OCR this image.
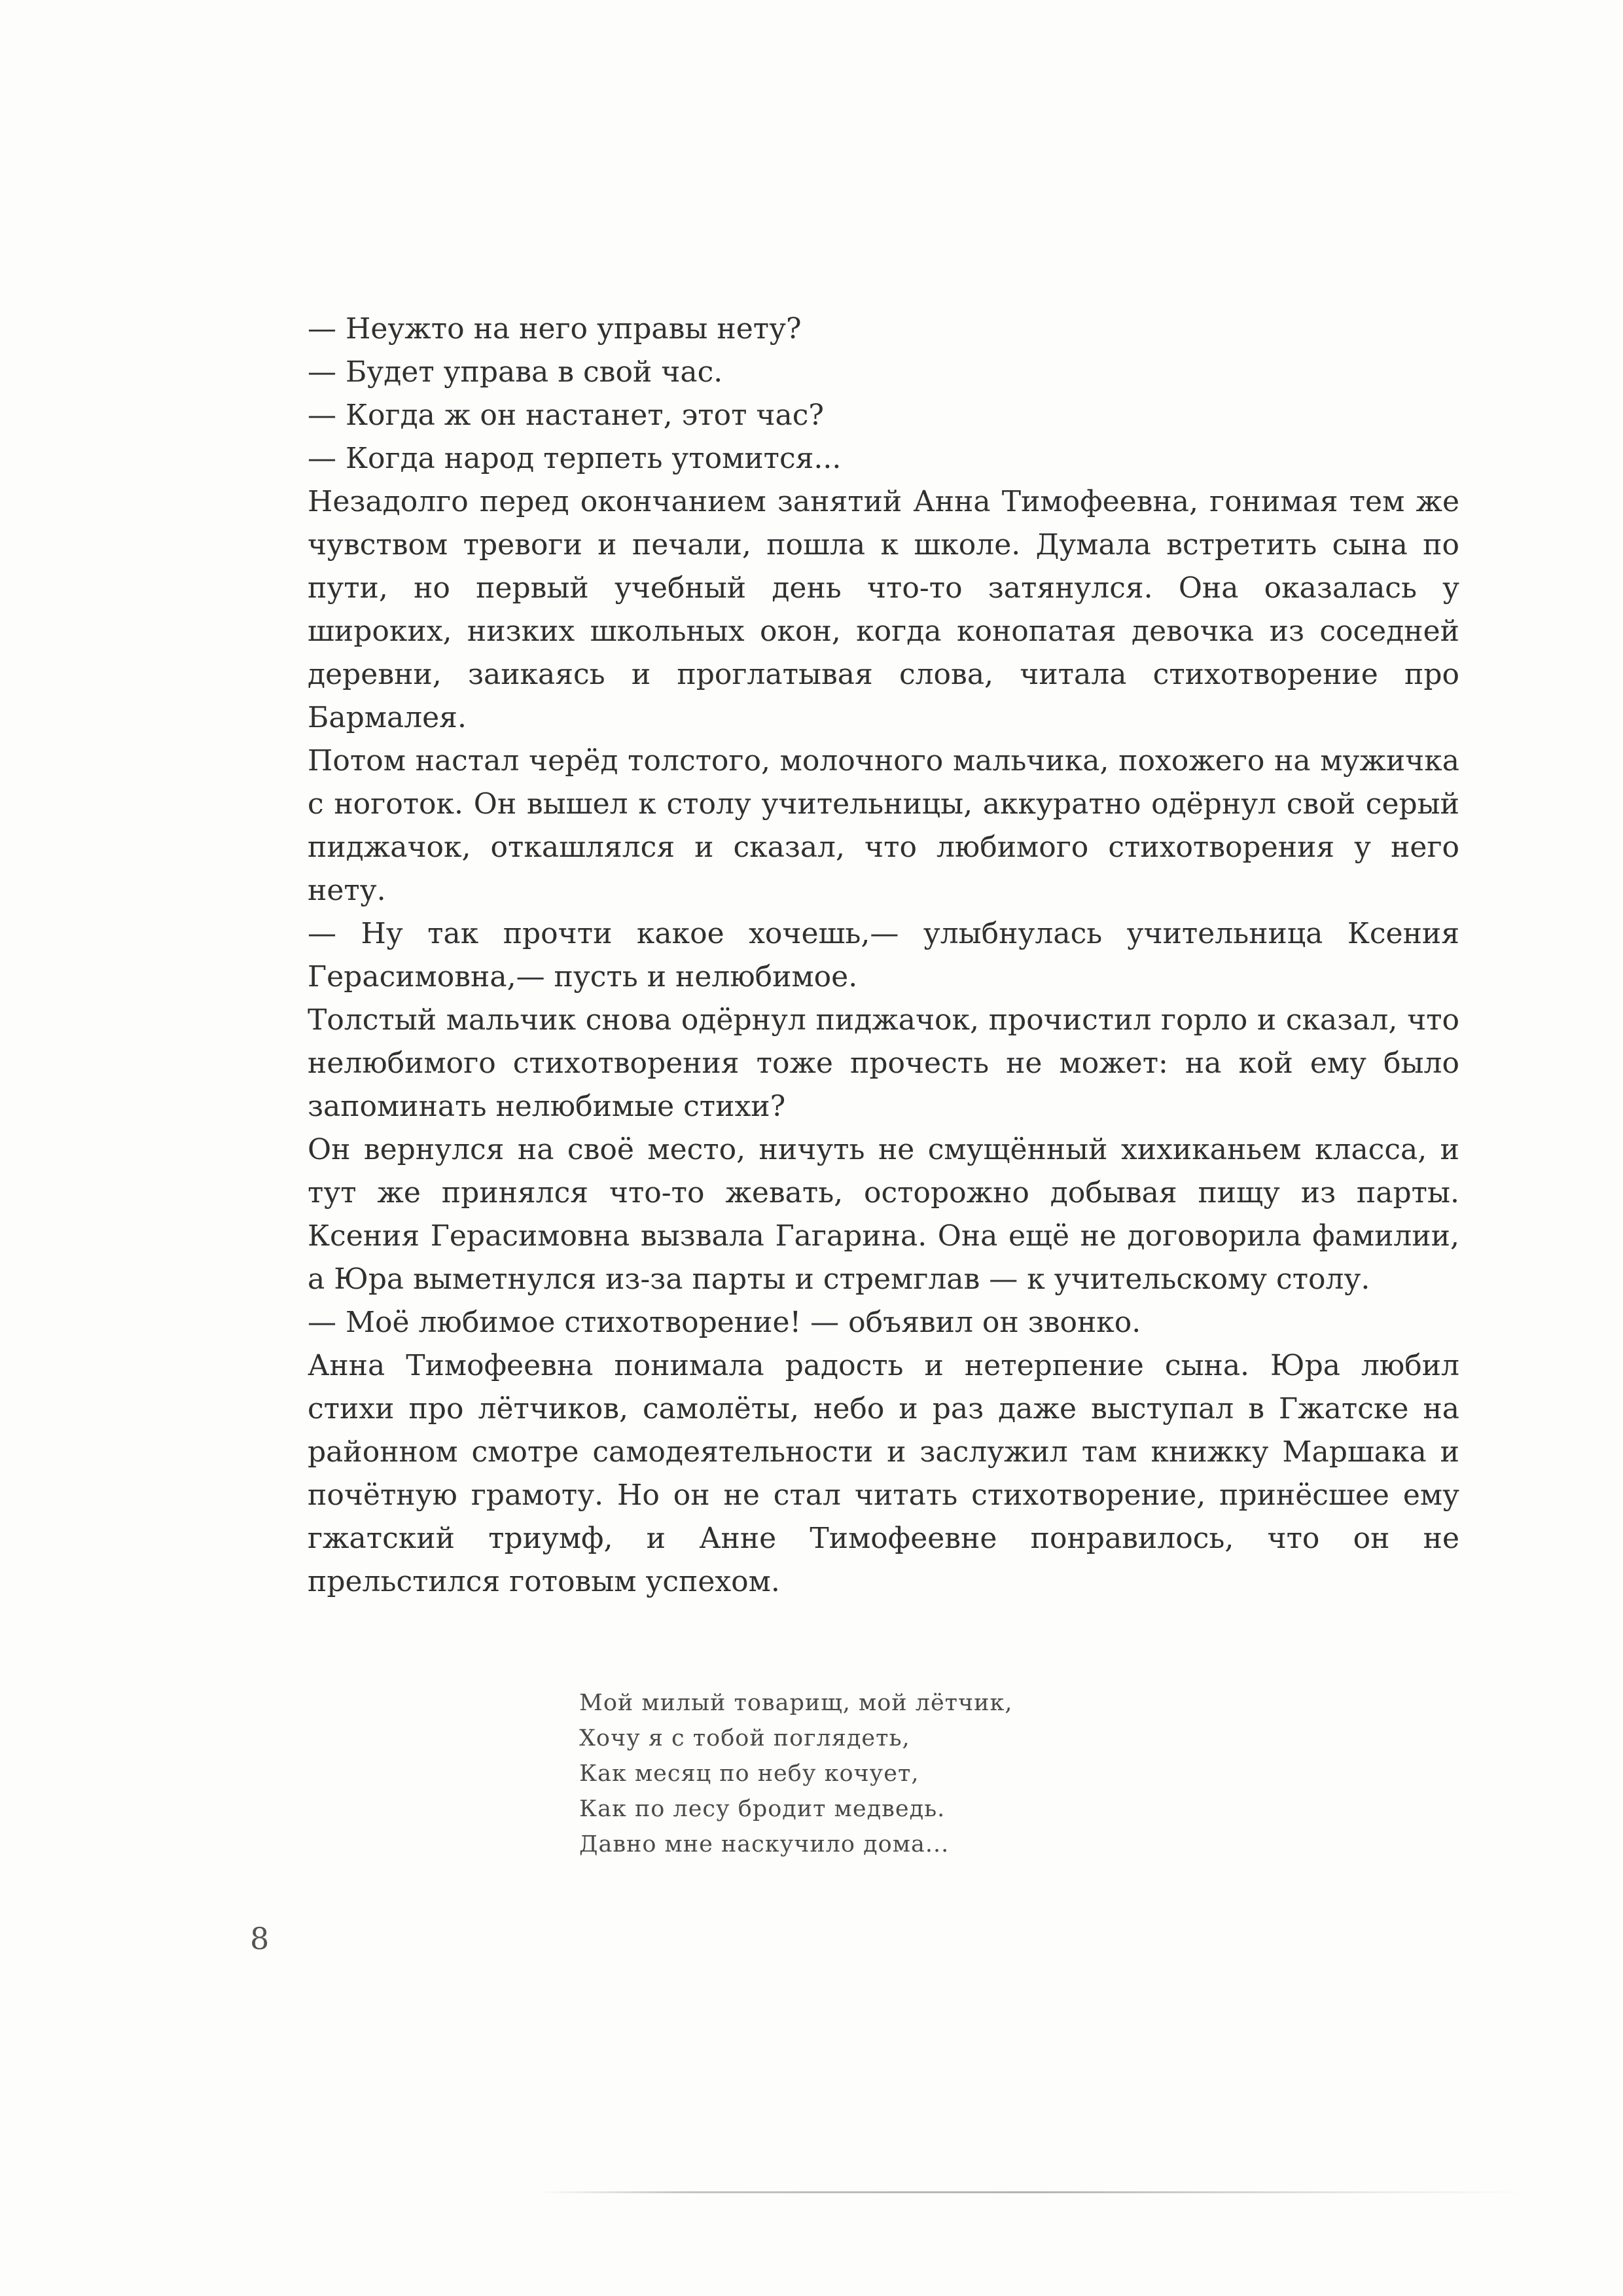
— Неужто на него управы нету?

— Будет управа в свой час.

— Когда ж он настанет, этот час?

— Когда народ терпеть утомится...

Незадолго перед окончанием занятий Анна Тимофеевна, гонимая тем же чувством тревоги и печали, пошла к школе. Думала встретить сына по пути, но первый учебный день что-то затянулся. Она оказалась у широких, низких школьных окон, когда конопатая девочка из соседней деревни, заикаясь и проглатывая слова, читала стихотворение про Бармалея.

Потом настал черёд толстого, молочного мальчика, похожего на мужичка с ноготок. Он вышел к столу учительницы, аккуратно одёрнул свой серый пиджачок, откашлялся и сказал, что любимого стихотворения у него нету.

— Ну так прочти какое хочешь,— улыбнулась учительница Ксения Герасимовна,— пусть и нелюбимое.

Толстый мальчик снова одёрнул пиджачок, прочистил горло и сказал, что нелюбимого стихотворения тоже прочесть не может: на кой ему было запоминать нелюбимые стихи?

Он вернулся на своё место, ничуть не смущённый хихиканьем класса, и тут же принялся что-то жевать, осторожно добывая пищу из парты. Ксения Герасимовна вызвала Гагарина. Она ещё не договорила фамилии, а Юра выметнулся из-за парты и стремглав — к учительскому столу.

— Моё любимое стихотворение! — объявил он звонко.

Анна Тимофеевна понимала радость и нетерпение сына. Юра любил стихи про лётчиков, самолёты, небо и раз даже выступал в Гжатске на районном смотре самодеятельности и заслужил там книжку Маршака и почётную грамоту. Но он не стал читать стихотворение, принёсшее ему гжатский триумф, и Анне Тимофеевне понравилось, что он не прельстился готовым успехом.

Мой милый товарищ, мой лётчик,
Хочу я с тобой поглядеть,
Как месяц по небу кочует,
Как по лесу бродит медведь.
Давно мне наскучило дома...
8
